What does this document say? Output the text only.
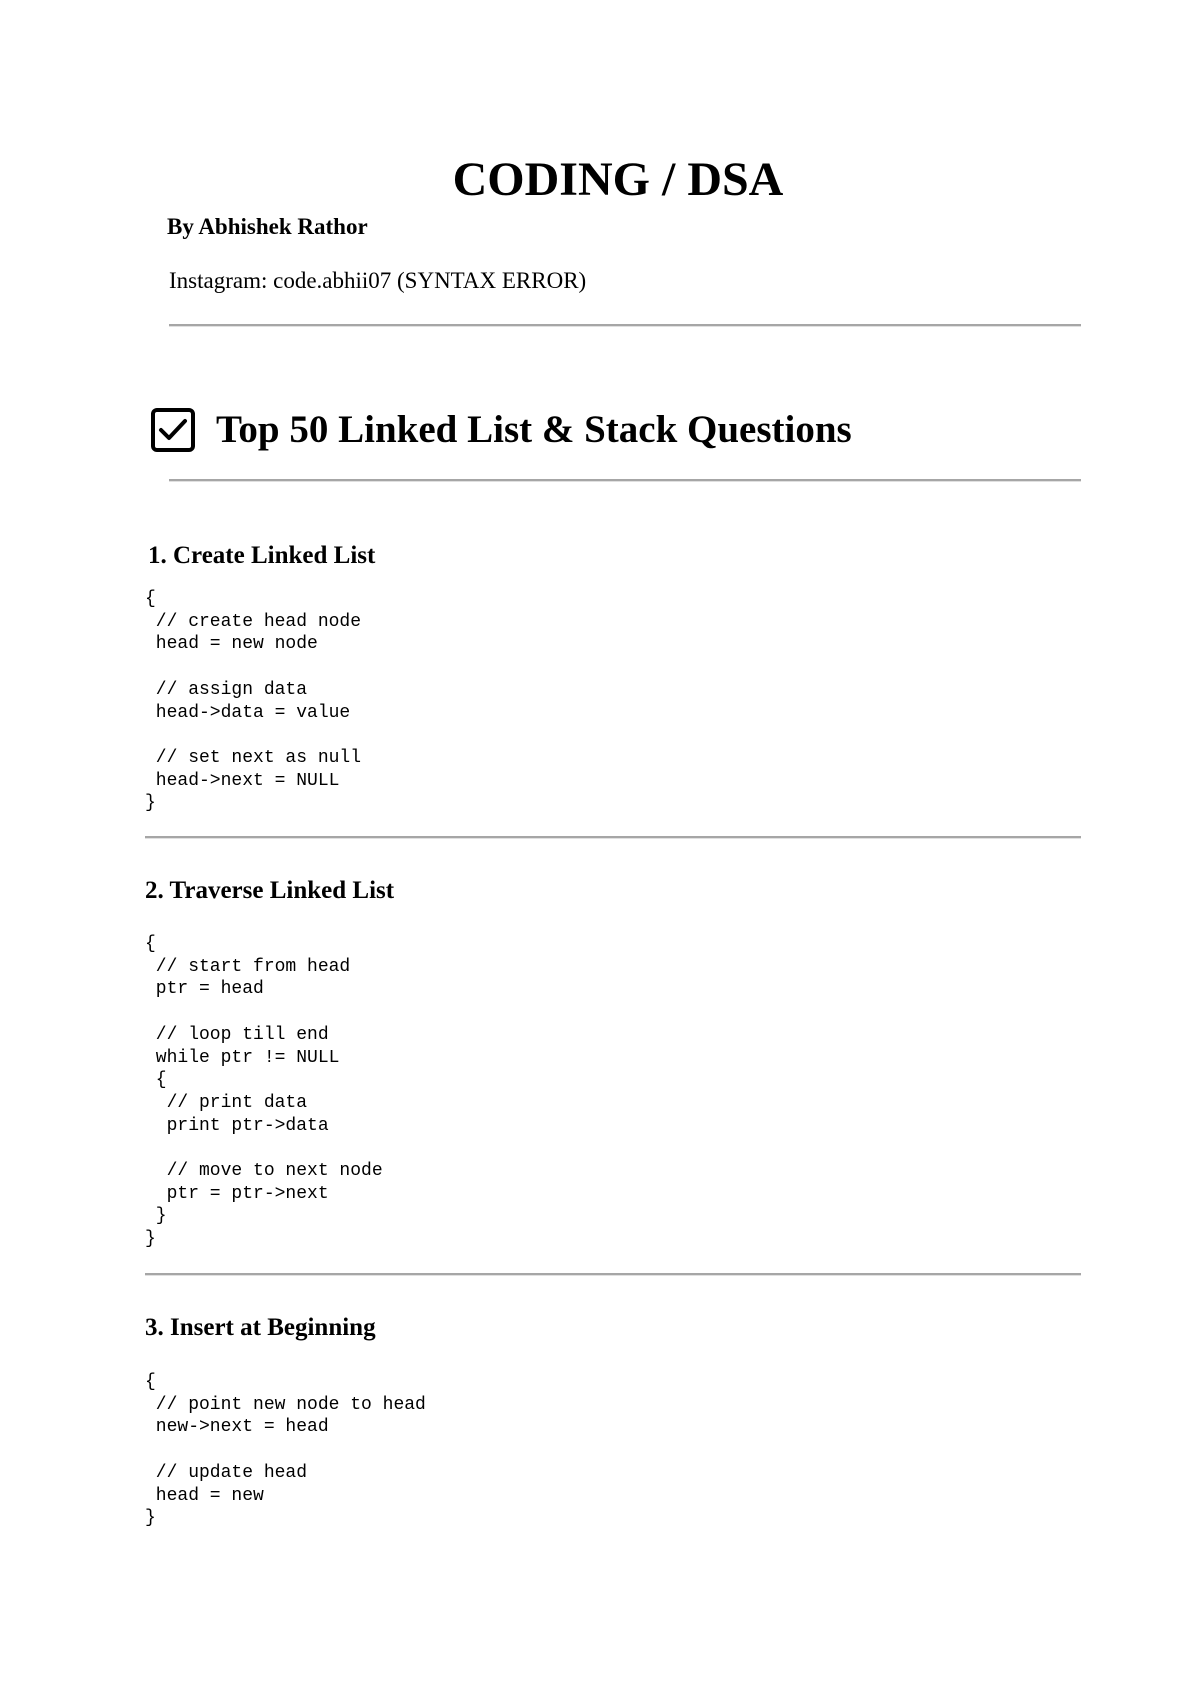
CODING / DSA
By Abhishek Rathor
Instagram: code.abhii07 (SYNTAX ERROR)
Top 50 Linked List & Stack Questions
1. Create Linked List
{
// create head node
head = new node

// assign data
head->data = value

// set next as null
head->next = NULL
}
2. Traverse Linked List
{
// start from head
ptr = head

// loop till end
while ptr != NULL
{
// print data
print ptr->data

// move to next node
ptr = ptr->next
}
}
3. Insert at Beginning
{
// point new node to head
new->next = head

// update head
head = new
}
